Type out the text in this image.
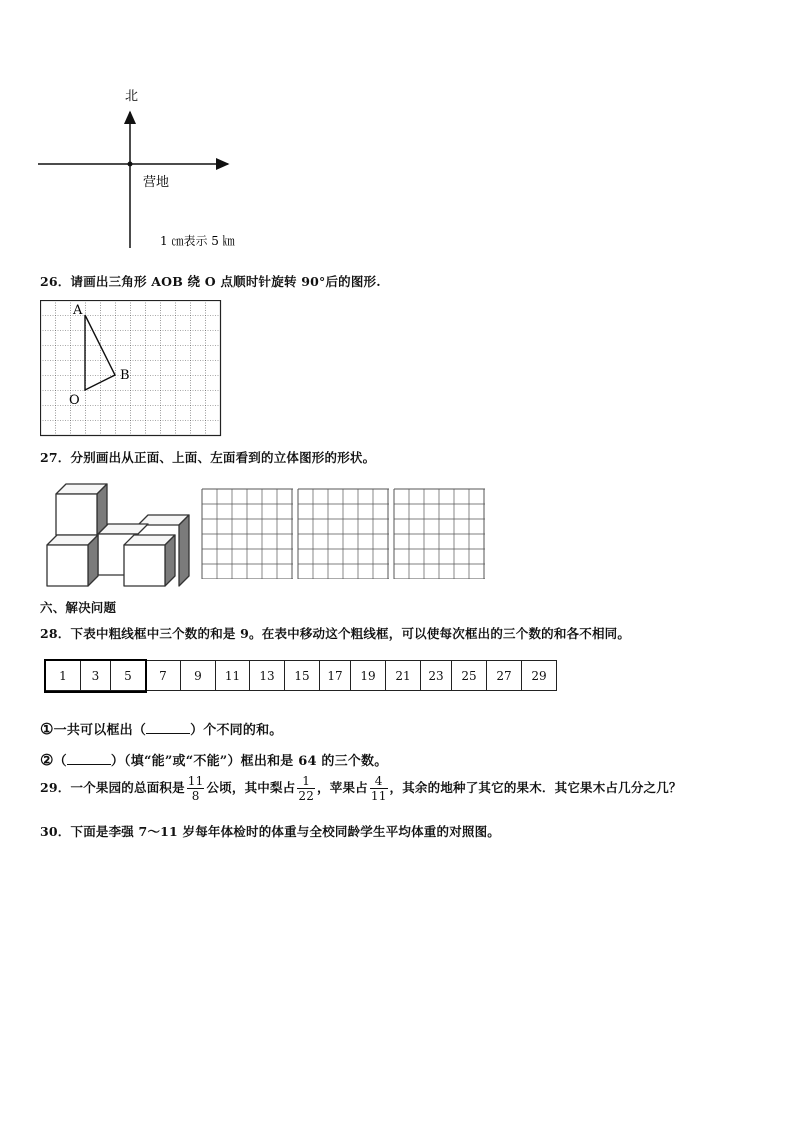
北
营地
1 ㎝表示 5 ㎞
26．请画出三角形 AOB 绕 O 点顺时针旋转 90°后的图形.
A
B
O
27．分别画出从正面、上面、左面看到的立体图形的形状。
六、解决问题
28．下表中粗线框中三个数的和是 9。在表中移动这个粗线框，可以使每次框出的三个数的和各不相同。
1	3	5	7	9	11	13	15	17	19	21	23	25	27	29
①一共可以框出（	）个不同的和。
②（	）（填“能”或“不能”）框出和是 64 的三个数。
29．一个果园的总面积是 $\frac{11}{8}$ 公顷，其中梨占 $\frac{1}{22}$ ，苹果占 $\frac{4}{11}$ ，其余的地种了其它的果木．其它果木占几分之几？
30．下面是李强 7～11 岁每年体检时的体重与全校同龄学生平均体重的对照图。
